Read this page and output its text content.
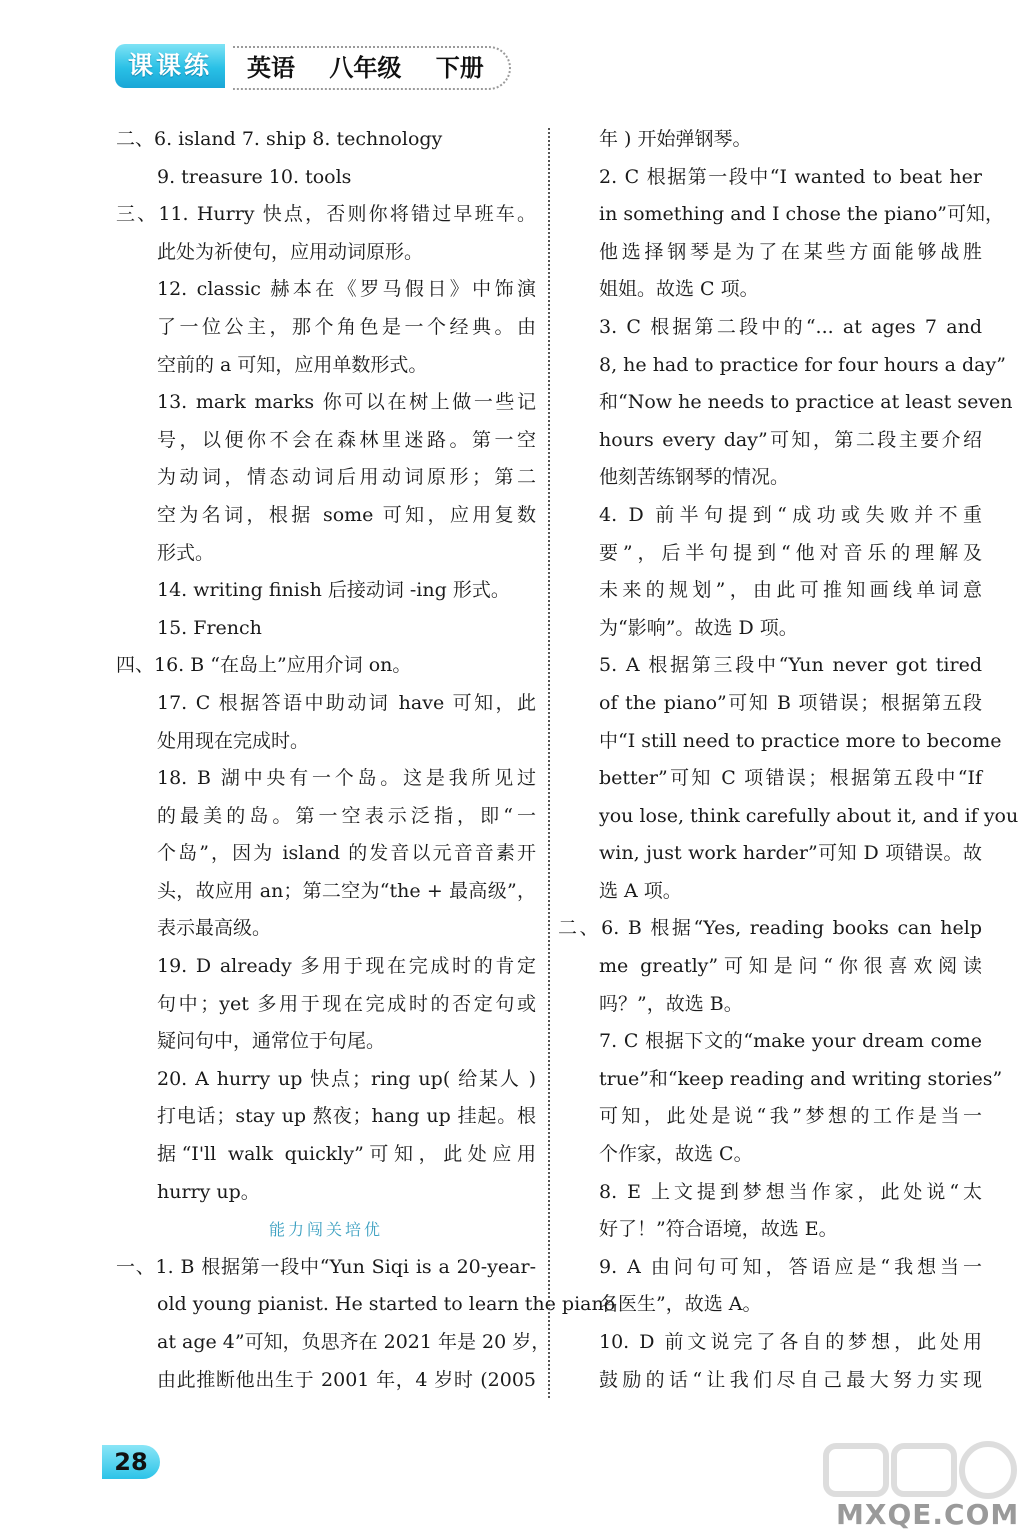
课课练	英语 八年级 下册
二、6. island 7. ship 8. technology
9. treasure 10. tools
三、11. Hurry 快点，否则你将错过早班车。
此处为祈使句，应用动词原形。
12. classic 赫本在《罗马假日》中饰演
了一位公主，那个角色是一个经典。由
空前的 a 可知，应用单数形式。
13. mark marks 你可以在树上做一些记
号，以便你不会在森林里迷路。第一空
为动词，情态动词后用动词原形；第二
空为名词，根据 some 可知，应用复数
形式。
14. writing finish 后接动词 -ing 形式。
15. French
四、16. B “在岛上”应用介词 on。
17. C 根据答语中助动词 have 可知，此
处用现在完成时。
18. B 湖中央有一个岛。这是我所见过
的最美的岛。第一空表示泛指，即“一
个岛”，因为 island 的发音以元音音素开
头，故应用 an；第二空为“the + 最高级”，
表示最高级。
19. D already 多用于现在完成时的肯定
句中；yet 多用于现在完成时的否定句或
疑问句中，通常位于句尾。
20. A hurry up 快点；ring up( 给某人 )
打电话；stay up 熬夜；hang up 挂起。根
据“I'll walk quickly”可知，此处应用
hurry up。
能力闯关培优
一、1. B 根据第一段中“Yun Siqi is a 20-year-
old young pianist. He started to learn the piano
at age 4”可知，负思齐在 2021 年是 20 岁，
由此推断他出生于 2001 年，4 岁时 (2005
年 ) 开始弹钢琴。
2. C 根据第一段中“I wanted to beat her
in something and I chose the piano”可知，
他选择钢琴是为了在某些方面能够战胜
姐姐。故选 C 项。
3. C 根据第二段中的“... at ages 7 and
8, he had to practice for four hours a day”
和“Now he needs to practice at least seven
hours every day”可知，第二段主要介绍
他刻苦练钢琴的情况。
4. D 前半句提到“成功或失败并不重
要”，后半句提到“他对音乐的理解及
未来的规划”，由此可推知画线单词意
为“影响”。故选 D 项。
5. A 根据第三段中“Yun never got tired
of the piano”可知 B 项错误；根据第五段
中“I still need to practice more to become
better”可知 C 项错误；根据第五段中“If
you lose, think carefully about it, and if you
win, just work harder”可知 D 项错误。故
选 A 项。
二、6. B 根据“Yes, reading books can help
me greatly”可知是问“你很喜欢阅读
吗？”，故选 B。
7. C 根据下文的“make your dream come
true”和“keep reading and writing stories”
可知，此处是说“我”梦想的工作是当一
个作家，故选 C。
8. E 上文提到梦想当作家，此处说“太
好了！”符合语境，故选 E。
9. A 由问句可知，答语应是“我想当一
名医生”，故选 A。
10. D 前文说完了各自的梦想，此处用
鼓励的话“让我们尽自己最大努力实现
28
MXQE.COM
